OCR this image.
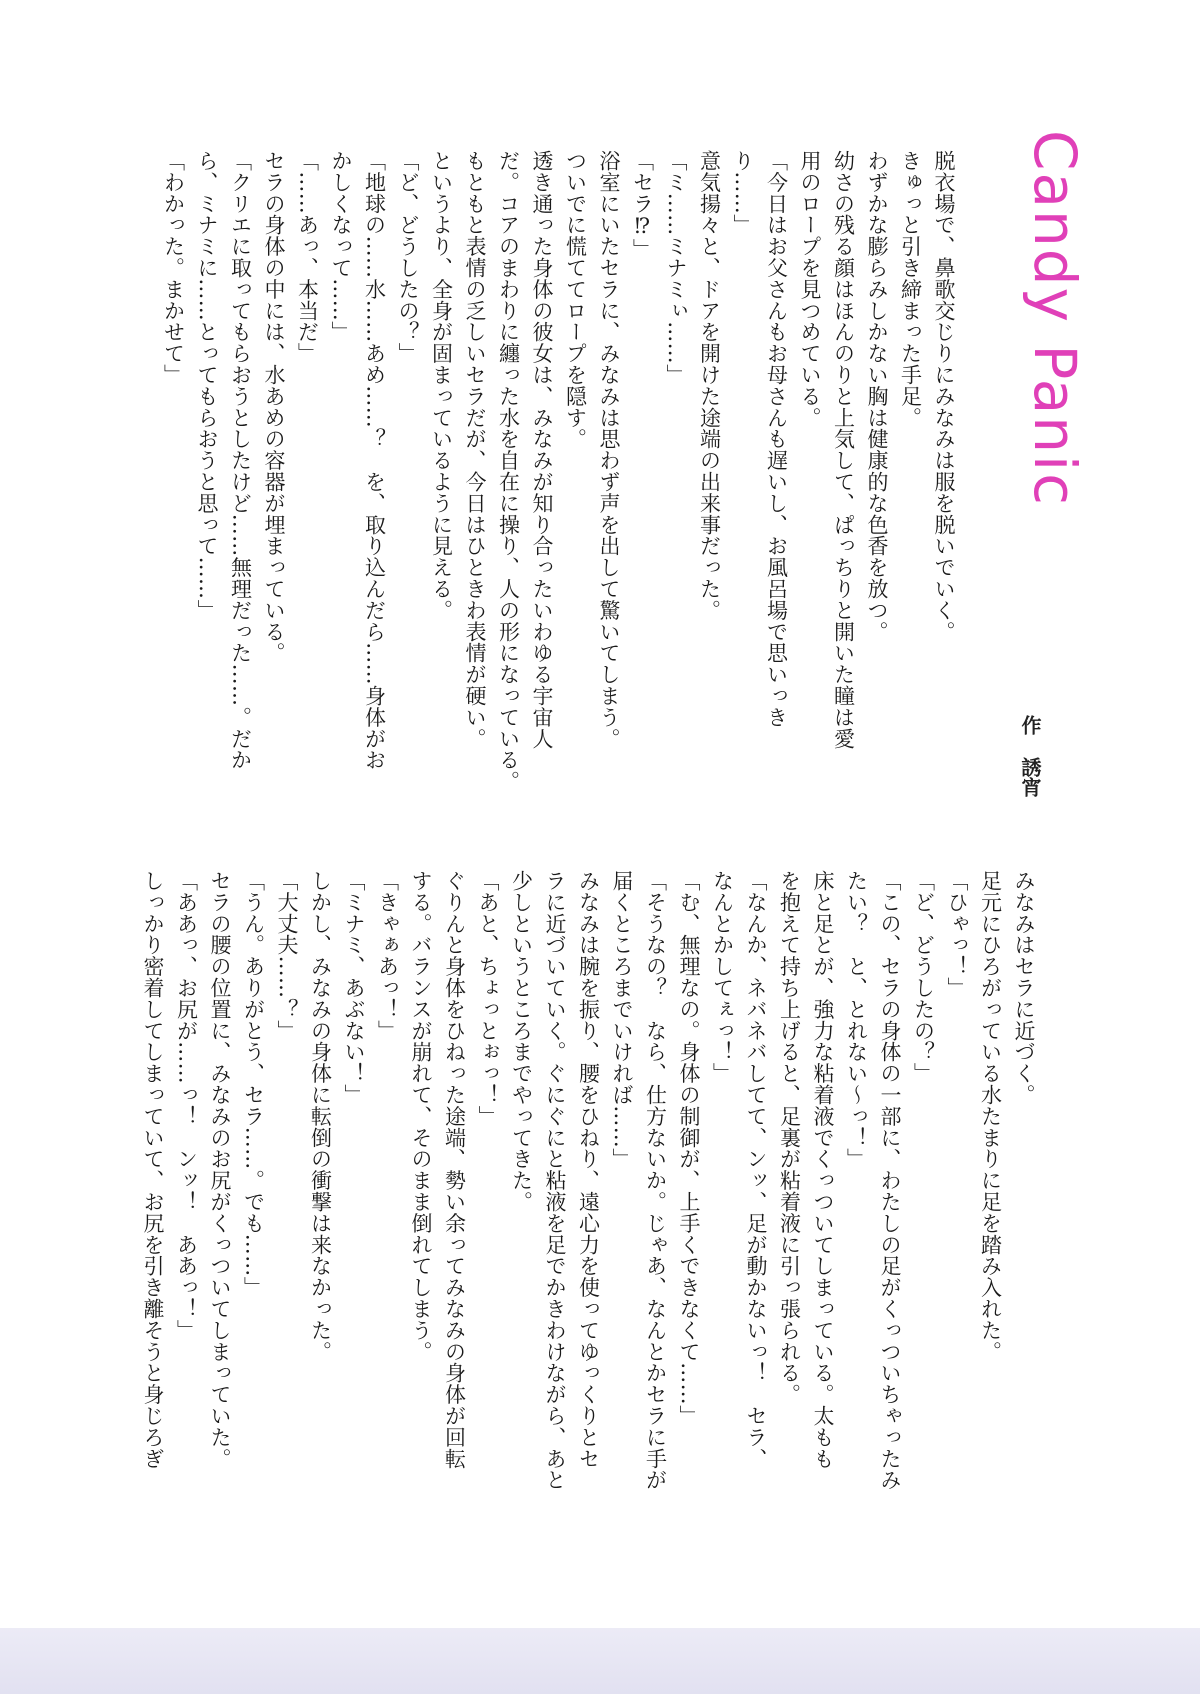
Candy Panic
作誘宵
脱衣場で、鼻歌交じりにみなみは服を脱いでいく。
きゅっと引き締まった手足。
わずかな膨らみしかない胸は健康的な色香を放つ。
幼さの残る顔はほんのりと上気して、ぱっちりと開いた瞳は愛
用のロープを見つめている。
「今日はお父さんもお母さんも遅いし、お風呂場で思いっき
り……」
意気揚々と、ドアを開けた途端の出来事だった。
「ミ……ミナミぃ……」
「セラ⁉」
浴室にいたセラに、みなみは思わず声を出して驚いてしまう。
ついでに慌ててロープを隠す。
透き通った身体の彼女は、みなみが知り合ったいわゆる宇宙人
だ。コアのまわりに纏った水を自在に操り、人の形になっている。
もともと表情の乏しいセラだが、今日はひときわ表情が硬い。
というより、全身が固まっているように見える。
「ど、どうしたの？」
「地球の……水……あめ……？　を、取り込んだら……身体がお
かしくなって……」
「……あっ、本当だ」
セラの身体の中には、水あめの容器が埋まっている。
「クリエに取ってもらおうとしたけど……無理だった……。だか
ら、ミナミに……とってもらおうと思って……」
「わかった。まかせて」
みなみはセラに近づく。
足元にひろがっている水たまりに足を踏み入れた。
「ひゃっ！」
「ど、どうしたの？」
「この、セラの身体の一部に、わたしの足がくっついちゃったみ
たい？　と、とれない～っ！」
床と足とが、強力な粘着液でくっついてしまっている。太もも
を抱えて持ち上げると、足裏が粘着液に引っ張られる。
「なんか、ネバネバしてて、ンッ、足が動かないっ！　セラ、
なんとかしてぇっ！」
「む、無理なの。身体の制御が、上手くできなくて……」
「そうなの？　なら、仕方ないか。じゃあ、なんとかセラに手が
届くところまでいければ……」
みなみは腕を振り、腰をひねり、遠心力を使ってゆっくりとセ
ラに近づいていく。ぐにぐにと粘液を足でかきわけながら、あと
少しというところまでやってきた。
「あと、ちょっとぉっ！」
ぐりんと身体をひねった途端、勢い余ってみなみの身体が回転
する。バランスが崩れて、そのまま倒れてしまう。
「きゃぁあっ！」
「ミナミ、あぶない！」
しかし、みなみの身体に転倒の衝撃は来なかった。
「大丈夫……？」
「うん。ありがとう、セラ……。でも……」
セラの腰の位置に、みなみのお尻がくっついてしまっていた。
「ああっ、お尻が……っ！　ンッ！　ああっ！」
しっかり密着してしまっていて、お尻を引き離そうと身じろぎ
